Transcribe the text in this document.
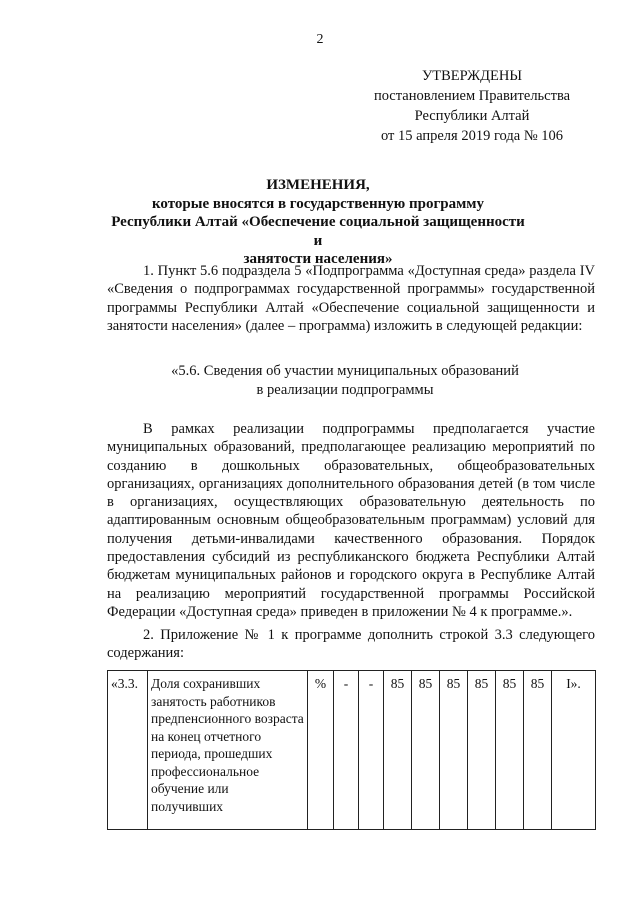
2
УТВЕРЖДЕНЫ
постановлением Правительства
Республики Алтай
от 15 апреля 2019 года № 106
ИЗМЕНЕНИЯ,
которые вносятся в государственную программу
Республики Алтай «Обеспечение социальной защищенности и
занятости населения»
1. Пункт 5.6 подраздела 5 «Подпрограмма «Доступная среда» раздела IV «Сведения о подпрограммах государственной программы» государственной программы Республики Алтай «Обеспечение социальной защищенности и занятости населения» (далее – программа) изложить в следующей редакции:
«5.6. Сведения об участии муниципальных образований
в реализации подпрограммы
В рамках реализации подпрограммы предполагается участие муниципальных образований, предполагающее реализацию мероприятий по созданию в дошкольных образовательных, общеобразовательных организациях, организациях дополнительного образования детей (в том числе в организациях, осуществляющих образовательную деятельность по адаптированным основным общеобразовательным программам) условий для получения детьми-инвалидами качественного образования. Порядок предоставления субсидий из республиканского бюджета Республики Алтай бюджетам муниципальных районов и городского округа в Республике Алтай на реализацию мероприятий государственной программы Российской Федерации «Доступная среда» приведен в приложении № 4 к программе.».
2. Приложение № 1 к программе дополнить строкой 3.3 следующего содержания:
«3.3.	Доля сохранивших занятость работников предпенсионного возраста на конец отчетного периода, прошедших профессиональное обучение или получивших	%	-	-	85	85	85	85	85	85	I».
